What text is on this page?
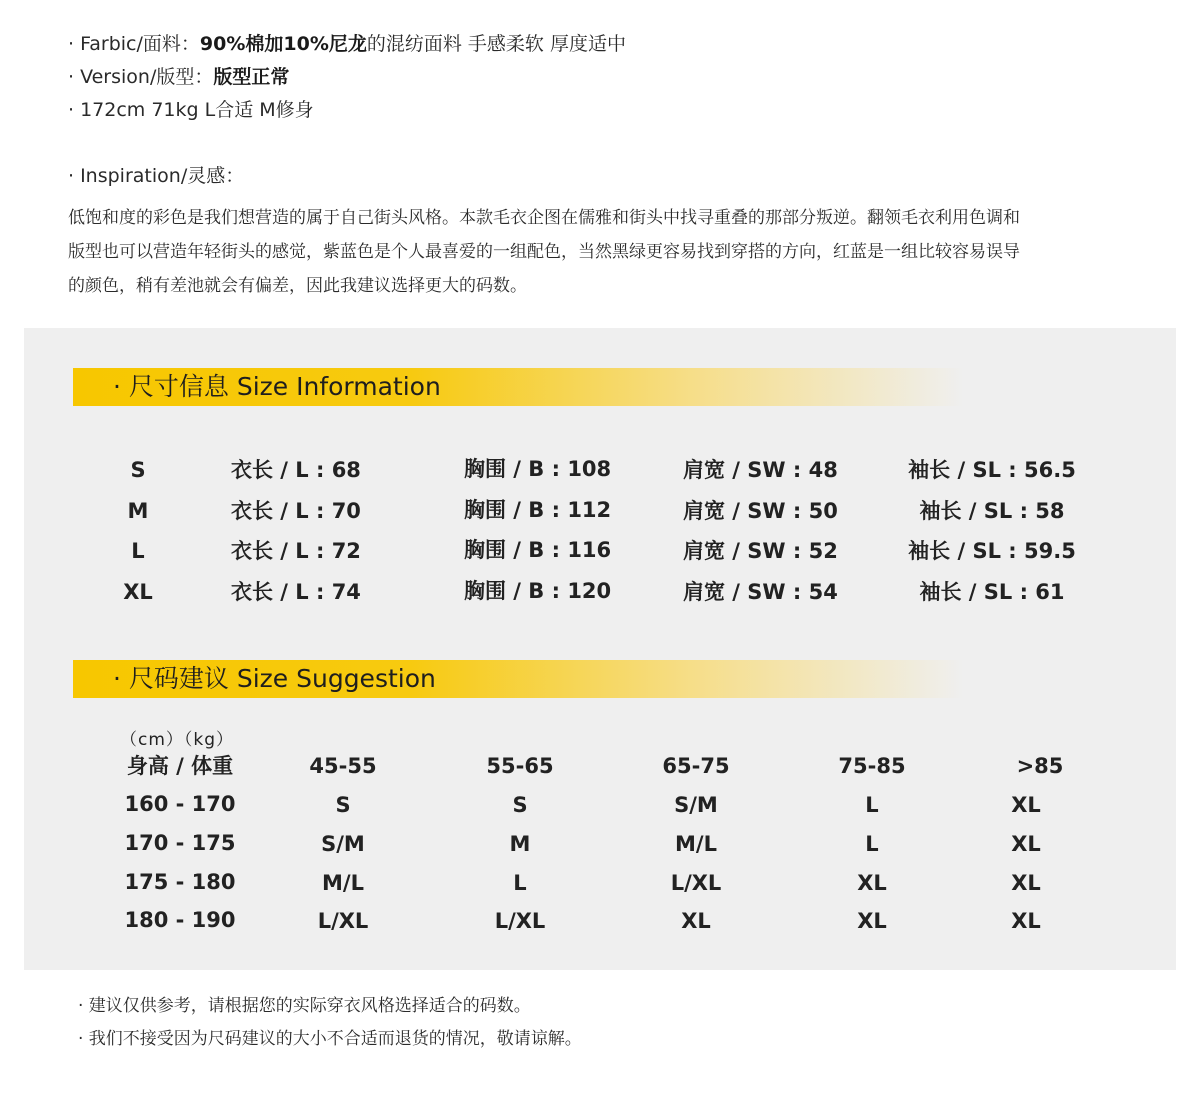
· Farbic/面料：90%棉加10%尼龙的混纺面料 手感柔软 厚度适中
· Version/版型：版型正常
· 172cm 71kg L合适 M修身
· Inspiration/灵感：
低饱和度的彩色是我们想营造的属于自己街头风格。本款毛衣企图在儒雅和街头中找寻重叠的那部分叛逆。翻领毛衣利用色调和
版型也可以营造年轻街头的感觉，紫蓝色是个人最喜爱的一组配色，当然黑绿更容易找到穿搭的方向，红蓝是一组比较容易误导
的颜色，稍有差池就会有偏差，因此我建议选择更大的码数。
· 尺寸信息 Size Information
S	衣长 / L : 68	胸围 / B : 108	肩宽 / SW : 48	袖长 / SL : 56.5
M	衣长 / L : 70	胸围 / B : 112	肩宽 / SW : 50	袖长 / SL : 58
L	衣长 / L : 72	胸围 / B : 116	肩宽 / SW : 52	袖长 / SL : 59.5
XL	衣长 / L : 74	胸围 / B : 120	肩宽 / SW : 54	袖长 / SL : 61
· 尺码建议 Size Suggestion
（cm）（kg）
身高 / 体重	45-55	55-65	65-75	75-85	>85
160 - 170	S	S	S/M	L	XL
170 - 175	S/M	M	M/L	L	XL
175 - 180	M/L	L	L/XL	XL	XL
180 - 190	L/XL	L/XL	XL	XL	XL
· 建议仅供参考，请根据您的实际穿衣风格选择适合的码数。
· 我们不接受因为尺码建议的大小不合适而退货的情况，敬请谅解。
